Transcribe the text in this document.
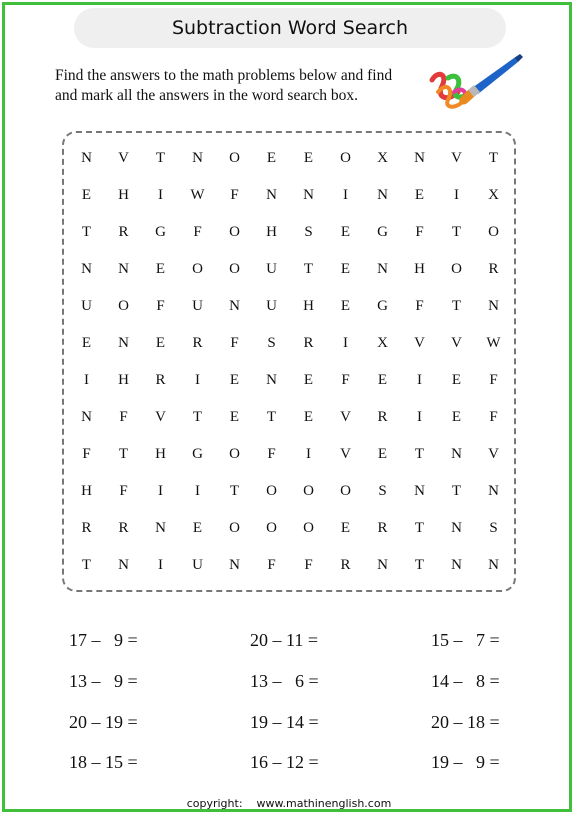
Subtraction Word Search
Find the answers to the math problems below and find
and mark all the answers in the word search box.
N	V	T	N	O	E	E	O	X	N	V	T
E	H	I	W	F	N	N	I	N	E	I	X
T	R	G	F	O	H	S	E	G	F	T	O
N	N	E	O	O	U	T	E	N	H	O	R
U	O	F	U	N	U	H	E	G	F	T	N
E	N	E	R	F	S	R	I	X	V	V	W
I	H	R	I	E	N	E	F	E	I	E	F
N	F	V	T	E	T	E	V	R	I	E	F
F	T	H	G	O	F	I	V	E	T	N	V
H	F	I	I	T	O	O	O	S	N	T	N
R	R	N	E	O	O	O	E	R	T	N	S
T	N	I	U	N	F	F	R	N	T	N	N
17 –   9 =	20 – 11 =	15 –   7 =
13 –   9 =	13 –   6 =	14 –   8 =
20 – 19 =	19 – 14 =	20 – 18 =
18 – 15 =	16 – 12 =	19 –   9 =
copyright:    www.mathinenglish.com
